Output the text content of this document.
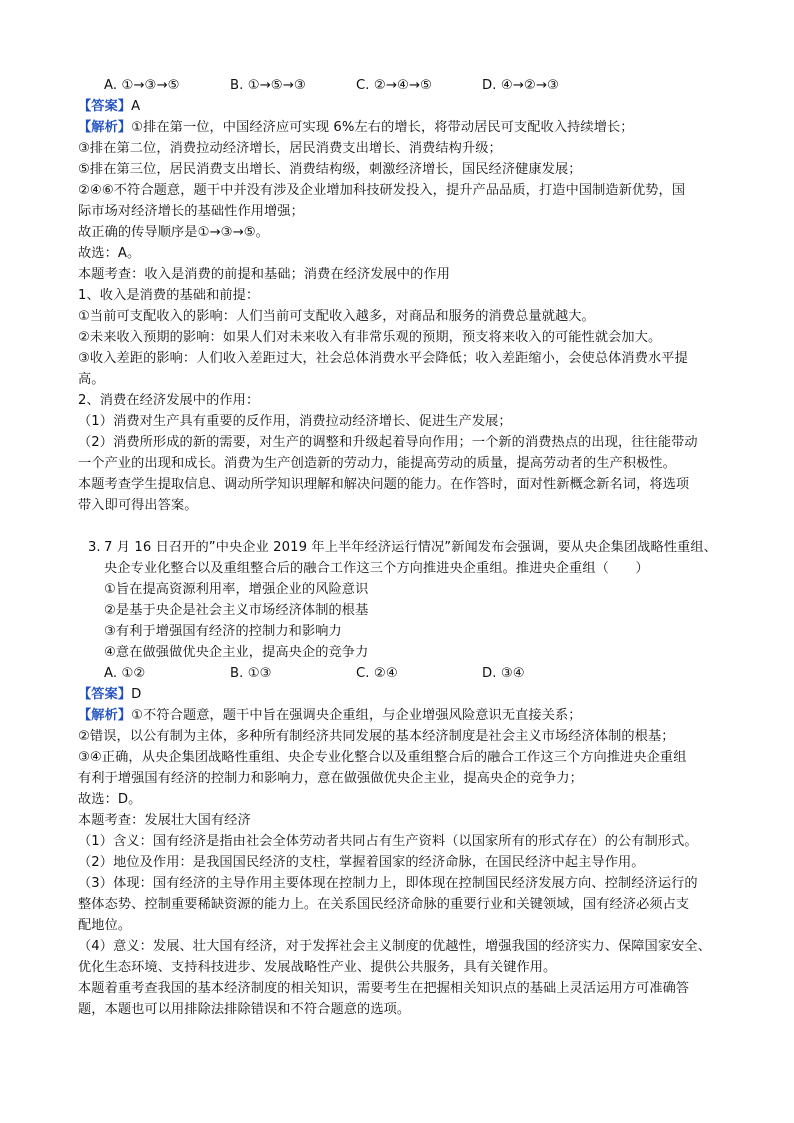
A. ①→③→⑤	B. ①→⑤→③	C. ②→④→⑤	D. ④→②→③
【答案】A
【解析】①排在第一位，中国经济应可实现 6%左右的增长，将带动居民可支配收入持续增长；
③排在第二位，消费拉动经济增长，居民消费支出增长、消费结构升级；
⑤排在第三位，居民消费支出增长、消费结构级，刺激经济增长，国民经济健康发展；
②④⑥不符合题意，题干中并没有涉及企业增加科技研发投入，提升产品品质，打造中国制造新优势，国
际市场对经济增长的基础性作用增强；
故正确的传导顺序是①→③→⑤。
故选：A。
本题考查：收入是消费的前提和基础；消费在经济发展中的作用
1、收入是消费的基础和前提：
①当前可支配收入的影响：人们当前可支配收入越多，对商品和服务的消费总量就越大。
②未来收入预期的影响：如果人们对未来收入有非常乐观的预期，预支将来收入的可能性就会加大。
③收入差距的影响：人们收入差距过大，社会总体消费水平会降低；收入差距缩小，会使总体消费水平提
高。
2、消费在经济发展中的作用：
（1）消费对生产具有重要的反作用，消费拉动经济增长、促进生产发展；
（2）消费所形成的新的需要，对生产的调整和升级起着导向作用；一个新的消费热点的出现，往往能带动
一个产业的出现和成长。消费为生产创造新的劳动力，能提高劳动的质量，提高劳动者的生产积极性。
本题考查学生提取信息、调动所学知识理解和解决问题的能力。在作答时，面对性新概念新名词，将选项
带入即可得出答案。
3. 7 月 16 日召开的”中央企业 2019 年上半年经济运行情况”新闻发布会强调，要从央企集团战略性重组、
央企专业化整合以及重组整合后的融合工作这三个方向推进央企重组。推进央企重组（　　）
①旨在提高资源利用率，增强企业的风险意识
②是基于央企是社会主义市场经济体制的根基
③有利于增强国有经济的控制力和影响力
④意在做强做优央企主业，提高央企的竞争力
A. ①②	B. ①③	C. ②④	D. ③④
【答案】D
【解析】①不符合题意，题干中旨在强调央企重组，与企业增强风险意识无直接关系；
②错误，以公有制为主体，多种所有制经济共同发展的基本经济制度是社会主义市场经济体制的根基；
③④正确，从央企集团战略性重组、央企专业化整合以及重组整合后的融合工作这三个方向推进央企重组
有利于增强国有经济的控制力和影响力，意在做强做优央企主业，提高央企的竞争力；
故选：D。
本题考查：发展壮大国有经济
（1）含义：国有经济是指由社会全体劳动者共同占有生产资料（以国家所有的形式存在）的公有制形式。
（2）地位及作用：是我国国民经济的支柱，掌握着国家的经济命脉，在国民经济中起主导作用。
（3）体现：国有经济的主导作用主要体现在控制力上，即体现在控制国民经济发展方向、控制经济运行的
整体态势、控制重要稀缺资源的能力上。在关系国民经济命脉的重要行业和关键领域，国有经济必须占支
配地位。
（4）意义：发展、壮大国有经济，对于发挥社会主义制度的优越性，增强我国的经济实力、保障国家安全、
优化生态环境、支持科技进步、发展战略性产业、提供公共服务，具有关键作用。
本题着重考查我国的基本经济制度的相关知识，需要考生在把握相关知识点的基础上灵活运用方可准确答
题，本题也可以用排除法排除错误和不符合题意的选项。
